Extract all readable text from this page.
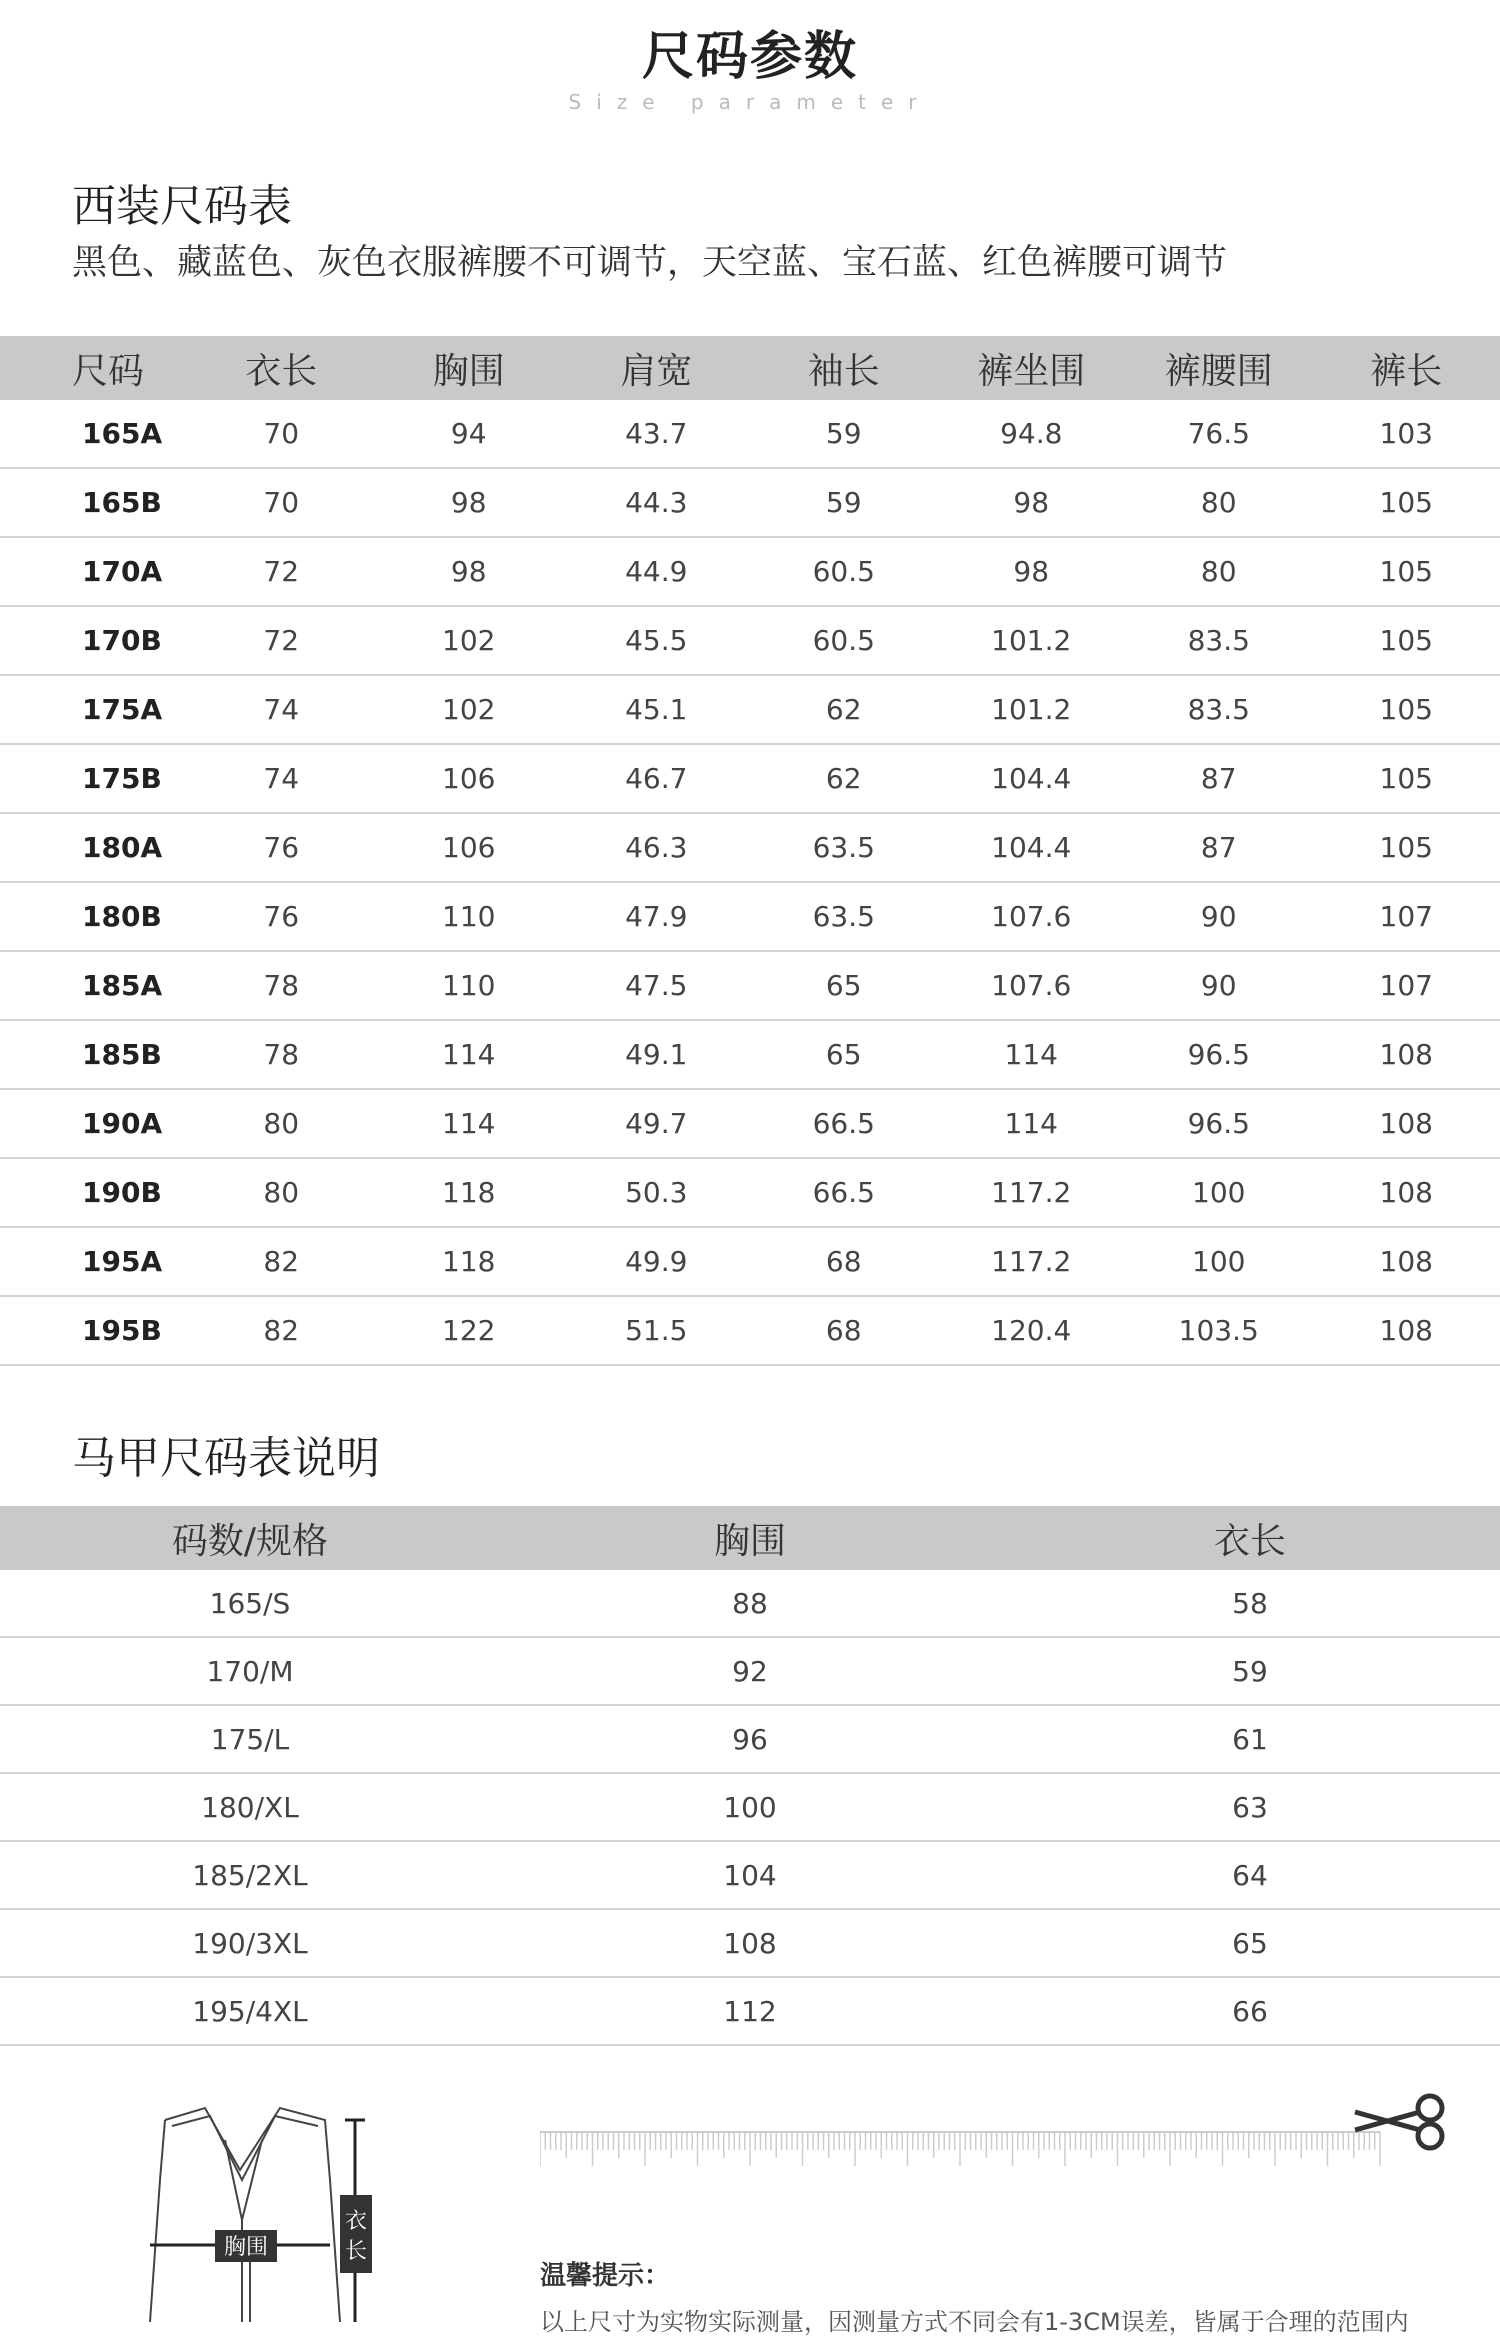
尺码参数
Size parameter
西装尺码表
黑色、藏蓝色、灰色衣服裤腰不可调节，天空蓝、宝石蓝、红色裤腰可调节
尺码	衣长	胸围	肩宽	袖长	裤坐围	裤腰围	裤长
165A	70	94	43.7	59	94.8	76.5	103
165B	70	98	44.3	59	98	80	105
170A	72	98	44.9	60.5	98	80	105
170B	72	102	45.5	60.5	101.2	83.5	105
175A	74	102	45.1	62	101.2	83.5	105
175B	74	106	46.7	62	104.4	87	105
180A	76	106	46.3	63.5	104.4	87	105
180B	76	110	47.9	63.5	107.6	90	107
185A	78	110	47.5	65	107.6	90	107
185B	78	114	49.1	65	114	96.5	108
190A	80	114	49.7	66.5	114	96.5	108
190B	80	118	50.3	66.5	117.2	100	108
195A	82	118	49.9	68	117.2	100	108
195B	82	122	51.5	68	120.4	103.5	108
马甲尺码表说明
码数/规格	胸围	衣长
165/S	88	58
170/M	92	59
175/L	96	61
180/XL	100	63
185/2XL	104	64
190/3XL	108	65
195/4XL	112	66
胸围
衣
长
温馨提示：
以上尺寸为实物实际测量，因测量方式不同会有1-3CM误差，皆属于合理的范围内
